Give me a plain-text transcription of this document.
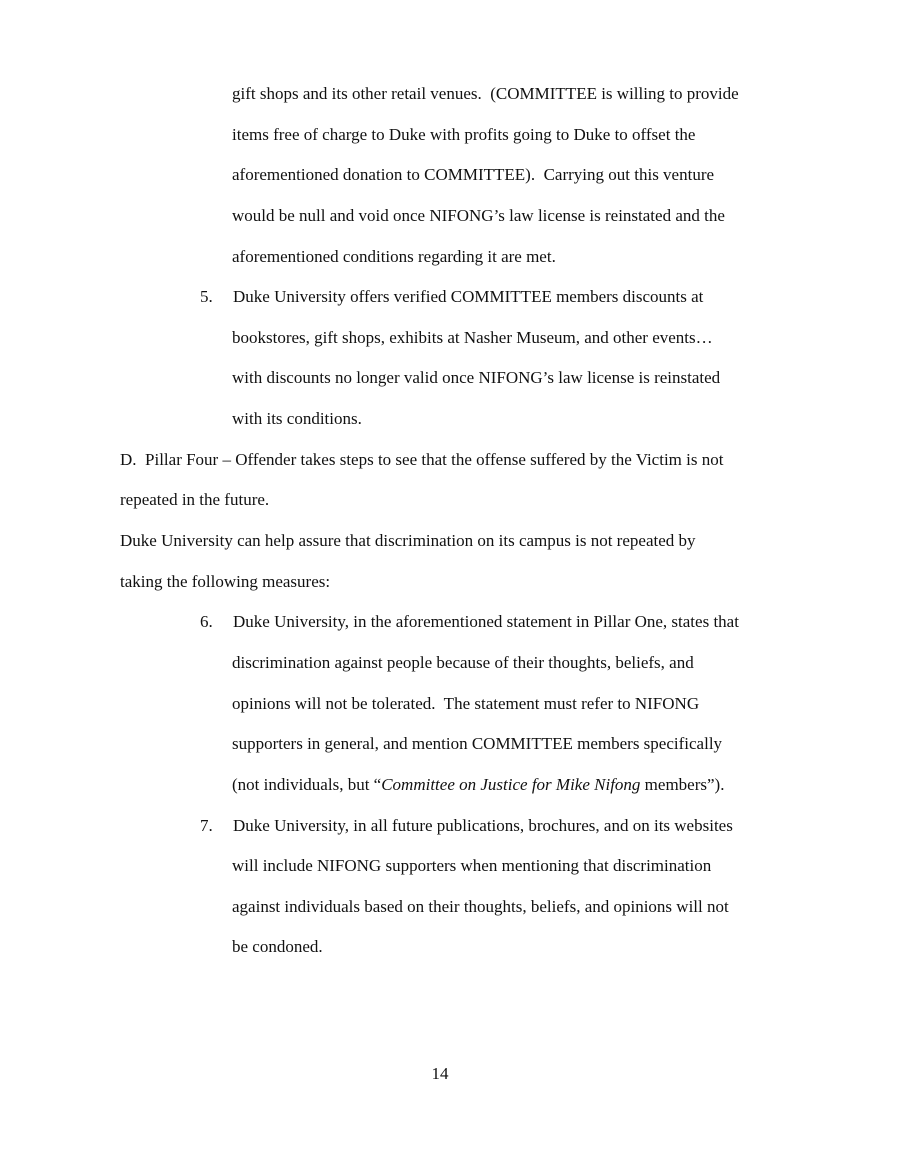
gift shops and its other retail venues.  (COMMITTEE is willing to provide
items free of charge to Duke with profits going to Duke to offset the
aforementioned donation to COMMITTEE).  Carrying out this venture
would be null and void once NIFONG’s law license is reinstated and the
aforementioned conditions regarding it are met.
5. Duke University offers verified COMMITTEE members discounts at
bookstores, gift shops, exhibits at Nasher Museum, and other events…
with discounts no longer valid once NIFONG’s law license is reinstated
with its conditions.
D.  Pillar Four – Offender takes steps to see that the offense suffered by the Victim is not
repeated in the future.
Duke University can help assure that discrimination on its campus is not repeated by
taking the following measures:
6. Duke University, in the aforementioned statement in Pillar One, states that
discrimination against people because of their thoughts, beliefs, and
opinions will not be tolerated.  The statement must refer to NIFONG
supporters in general, and mention COMMITTEE members specifically
(not individuals, but “Committee on Justice for Mike Nifong members”).
7. Duke University, in all future publications, brochures, and on its websites
will include NIFONG supporters when mentioning that discrimination
against individuals based on their thoughts, beliefs, and opinions will not
be condoned.
14
